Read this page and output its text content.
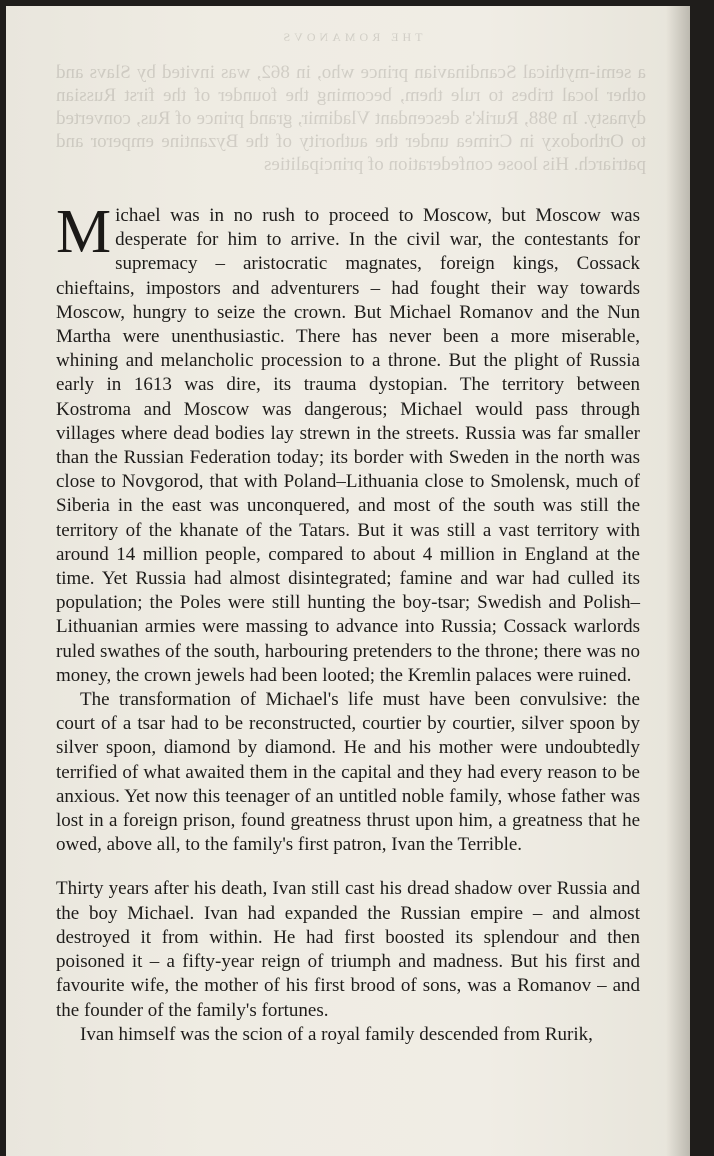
THE ROMANOVS

a semi-mythical Scandinavian prince who, in 862, was invited by Slavs and other local tribes to rule them, becoming the founder of the first Russian dynasty. In 988, Rurik's descendant Vladimir, grand prince of Rus, converted to Orthodoxy in Crimea under the authority of the Byzantine emperor and patriarch. His loose confederation of principalities

Michael was in no rush to proceed to Moscow, but Moscow was desperate for him to arrive. In the civil war, the contestants for supremacy – aristocratic magnates, foreign kings, Cossack chieftains, impostors and adventurers – had fought their way towards Moscow, hungry to seize the crown. But Michael Romanov and the Nun Martha were unenthusiastic. There has never been a more miserable, whining and melancholic procession to a throne. But the plight of Russia early in 1613 was dire, its trauma dystopian. The territory between Kostroma and Moscow was dangerous; Michael would pass through villages where dead bodies lay strewn in the streets. Russia was far smaller than the Russian Federation today; its border with Sweden in the north was close to Novgorod, that with Poland–Lithuania close to Smolensk, much of Siberia in the east was unconquered, and most of the south was still the territory of the khanate of the Tatars. But it was still a vast territory with around 14 million people, compared to about 4 million in England at the time. Yet Russia had almost disintegrated; famine and war had culled its population; the Poles were still hunting the boy-tsar; Swedish and Polish–Lithuanian armies were massing to advance into Russia; Cossack warlords ruled swathes of the south, harbouring pretenders to the throne; there was no money, the crown jewels had been looted; the Kremlin palaces were ruined.

The transformation of Michael's life must have been convulsive: the court of a tsar had to be reconstructed, courtier by courtier, silver spoon by silver spoon, diamond by diamond. He and his mother were undoubtedly terrified of what awaited them in the capital and they had every reason to be anxious. Yet now this teenager of an untitled noble family, whose father was lost in a foreign prison, found greatness thrust upon him, a greatness that he owed, above all, to the family's first patron, Ivan the Terrible.

Thirty years after his death, Ivan still cast his dread shadow over Russia and the boy Michael. Ivan had expanded the Russian empire – and almost destroyed it from within. He had first boosted its splendour and then poisoned it – a fifty-year reign of triumph and madness. But his first and favourite wife, the mother of his first brood of sons, was a Romanov – and the founder of the family's fortunes.

Ivan himself was the scion of a royal family descended from Rurik,
